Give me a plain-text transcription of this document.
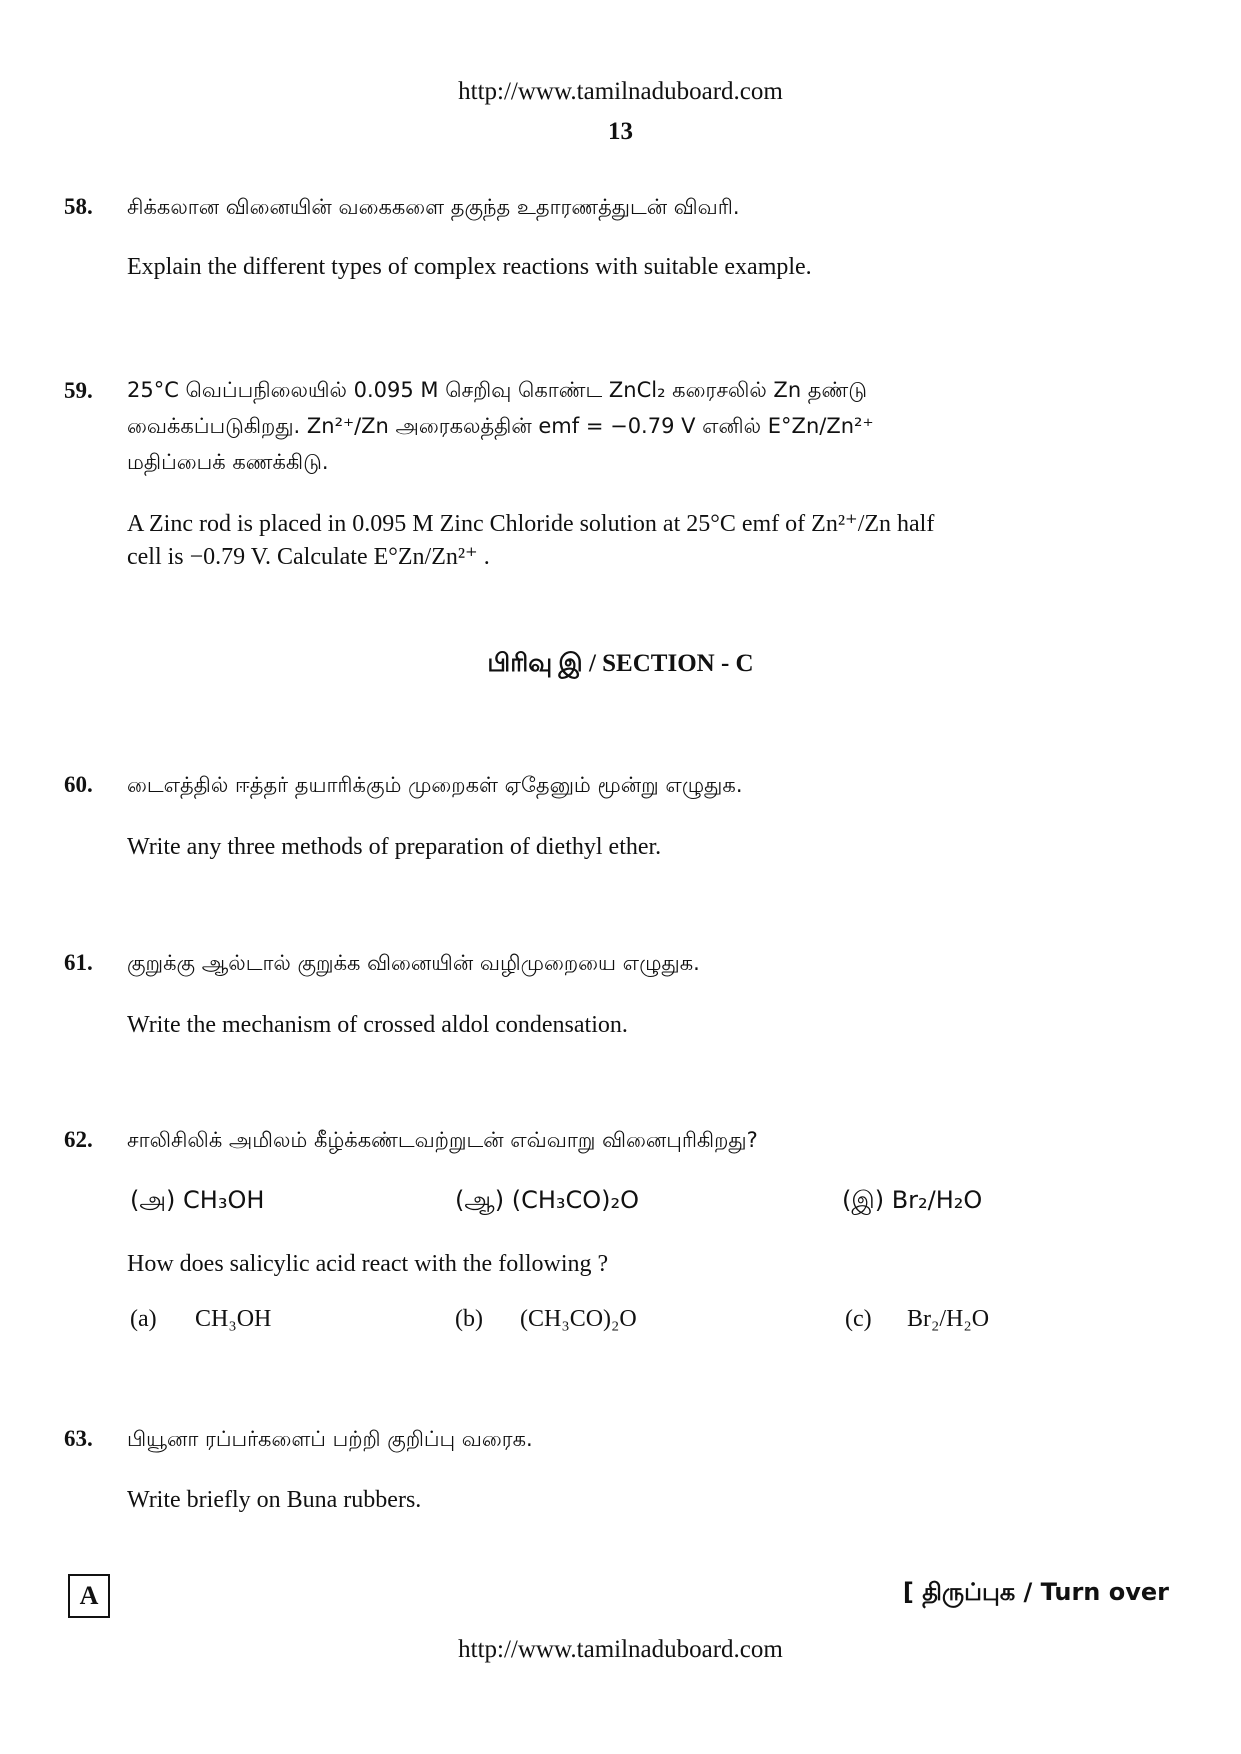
http://www.tamilnaduboard.com
13
58. சிக்கலான வினையின் வகைகளை தகுந்த உதாரணத்துடன் விவரி.
Explain the different types of complex reactions with suitable example.
59. 25°C வெப்பநிலையில் 0.095 M செறிவு கொண்ட ZnCl₂ கரைசலில் Zn தண்டு
வைக்கப்படுகிறது. Zn²⁺/Zn அரைகலத்தின் emf = −0.79 V எனில் E°Zn/Zn²⁺
மதிப்பைக் கணக்கிடு.
A Zinc rod is placed in 0.095 M Zinc Chloride solution at 25°C emf of Zn²⁺/Zn half
cell is −0.79 V. Calculate E°Zn/Zn²⁺ .
பிரிவு இ / SECTION - C
60. டைஎத்தில் ஈத்தர் தயாரிக்கும் முறைகள் ஏதேனும் மூன்று எழுதுக.
Write any three methods of preparation of diethyl ether.
61. குறுக்கு ஆல்டால் குறுக்க வினையின் வழிமுறையை எழுதுக.
Write the mechanism of crossed aldol condensation.
62. சாலிசிலிக் அமிலம் கீழ்க்கண்டவற்றுடன் எவ்வாறு வினைபுரிகிறது?
(அ) CH₃OH	(ஆ) (CH₃CO)₂O	(இ) Br₂/H₂O
How does salicylic acid react with the following ?
(a) CH₃OH	(b) (CH₃CO)₂O	(c) Br₂/H₂O
63. பியூனா ரப்பர்களைப் பற்றி குறிப்பு வரைக.
Write briefly on Buna rubbers.
A	[ திருப்புக / Turn over
http://www.tamilnaduboard.com
